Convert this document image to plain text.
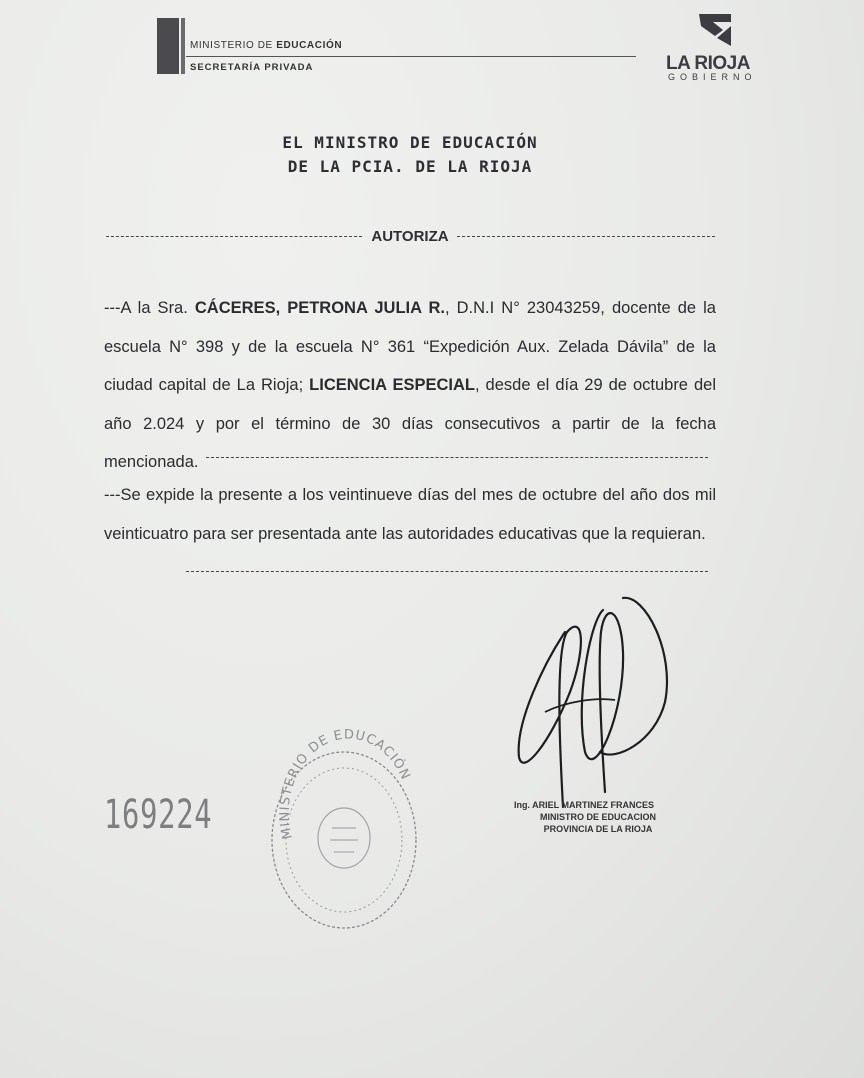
MINISTERIO DE EDUCACIÓN
SECRETARÍA PRIVADA	LA RIOJA
GOBIERNO
EL MINISTRO DE EDUCACIÓN
DE LA PCIA. DE LA RIOJA
AUTORIZA
---A la Sra. CÁCERES, PETRONA JULIA R., D.N.I N° 23043259, docente de la escuela N° 398 y de la escuela N° 361 “Expedición Aux. Zelada Dávila” de la ciudad capital de La Rioja; LICENCIA ESPECIAL, desde el día 29 de octubre del año 2.024 y por el término de 30 días consecutivos a partir de la fecha mencionada.
---Se expide la presente a los veintinueve días del mes de octubre del año dos mil veinticuatro para ser presentada ante las autoridades educativas que la requieran.
Ing. ARIEL MARTINEZ FRANCES
MINISTRO DE EDUCACION
PROVINCIA DE LA RIOJA
169224	MINISTERIO DE EDUCACIÓN
